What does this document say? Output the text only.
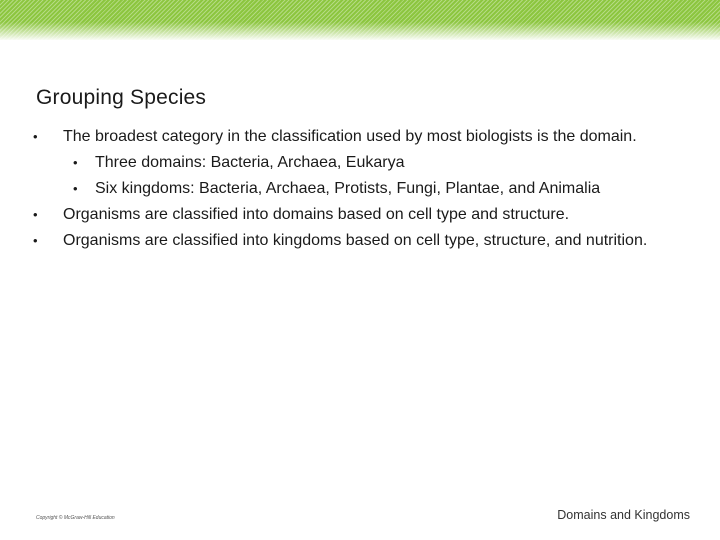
Grouping Species
• The broadest category in the classification used by most biologists is the domain.
• Three domains: Bacteria, Archaea, Eukarya
• Six kingdoms: Bacteria, Archaea, Protists, Fungi, Plantae, and Animalia
• Organisms are classified into domains based on cell type and structure.
• Organisms are classified into kingdoms based on cell type, structure, and nutrition.
Copyright © McGraw-Hill Education	Domains and Kingdoms
